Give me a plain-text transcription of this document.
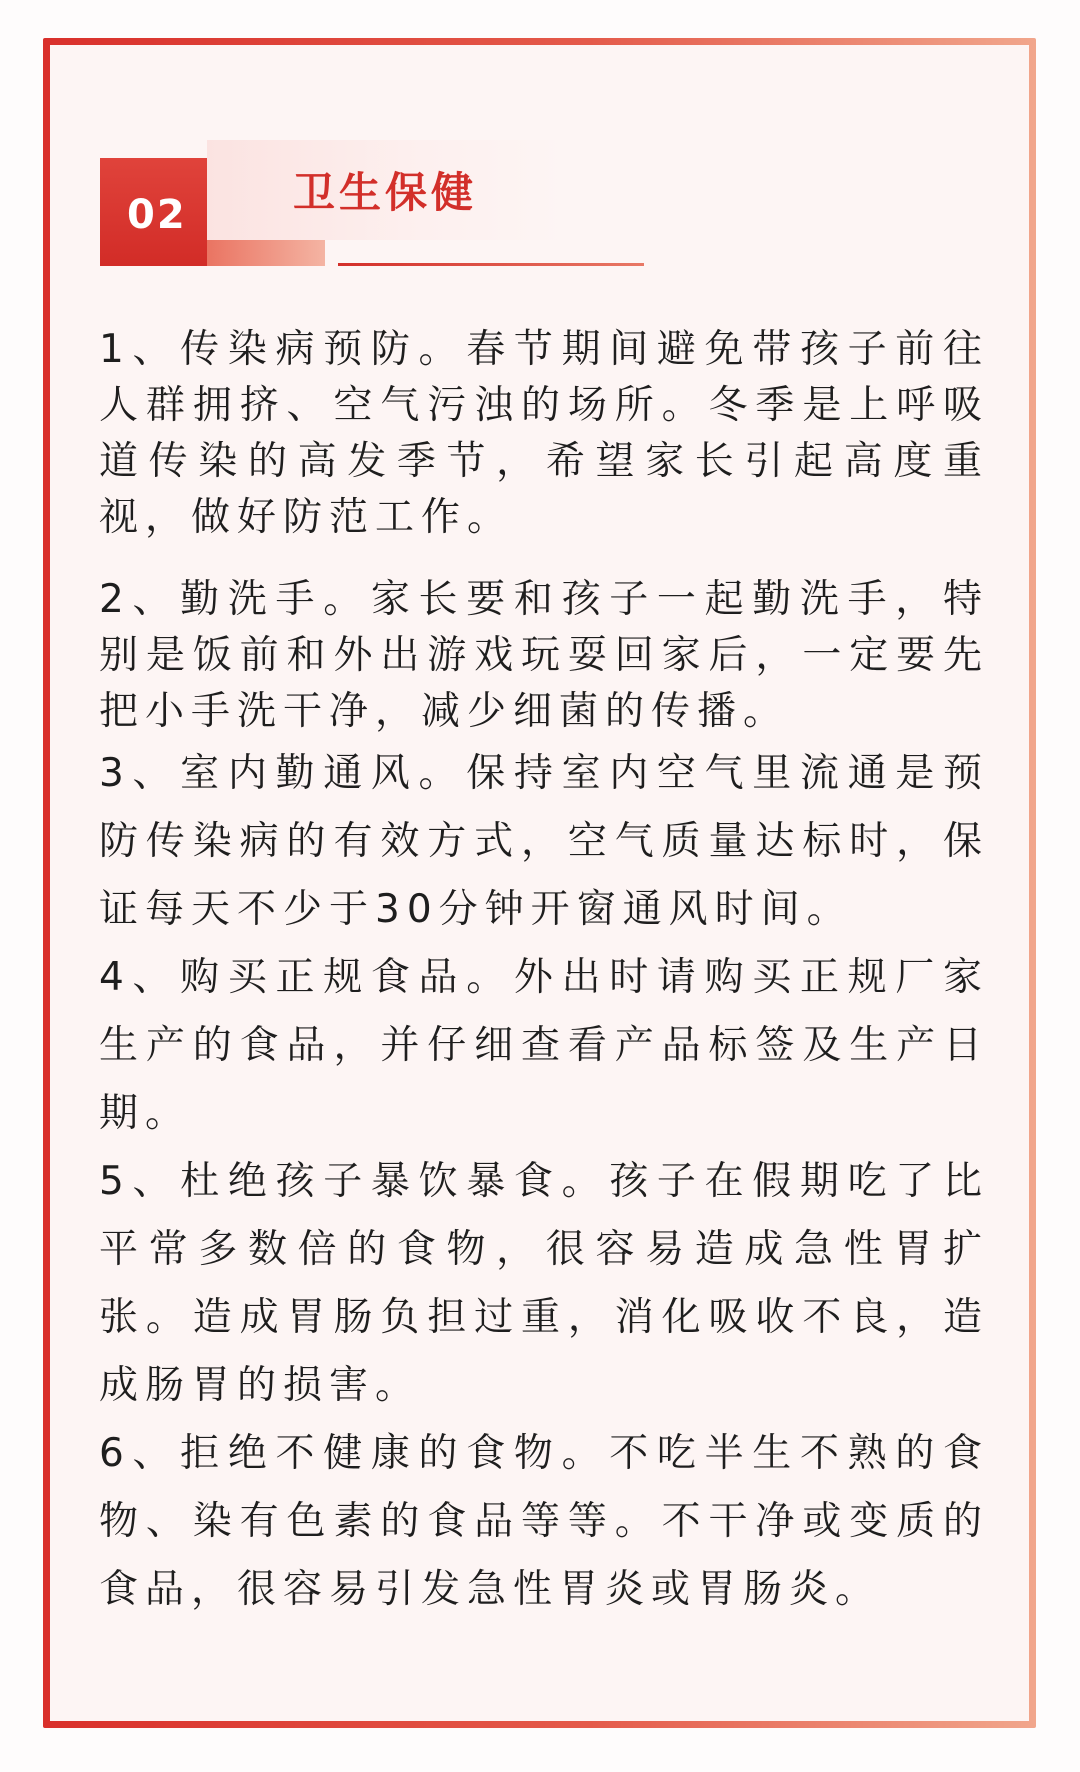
02	卫生保健

1、传染病预防。春节期间避免带孩子前往人群拥挤、空气污浊的场所。冬季是上呼吸道传染的高发季节，希望家长引起高度重视，做好防范工作。

2、勤洗手。家长要和孩子一起勤洗手，特别是饭前和外出游戏玩耍回家后，一定要先把小手洗干净，减少细菌的传播。

3、室内勤通风。保持室内空气里流通是预防传染病的有效方式，空气质量达标时，保证每天不少于30分钟开窗通风时间。

4、购买正规食品。外出时请购买正规厂家生产的食品，并仔细查看产品标签及生产日期。

5、杜绝孩子暴饮暴食。孩子在假期吃了比平常多数倍的食物，很容易造成急性胃扩张。造成胃肠负担过重，消化吸收不良，造成肠胃的损害。

6、拒绝不健康的食物。不吃半生不熟的食物、染有色素的食品等等。不干净或变质的食品，很容易引发急性胃炎或胃肠炎。
